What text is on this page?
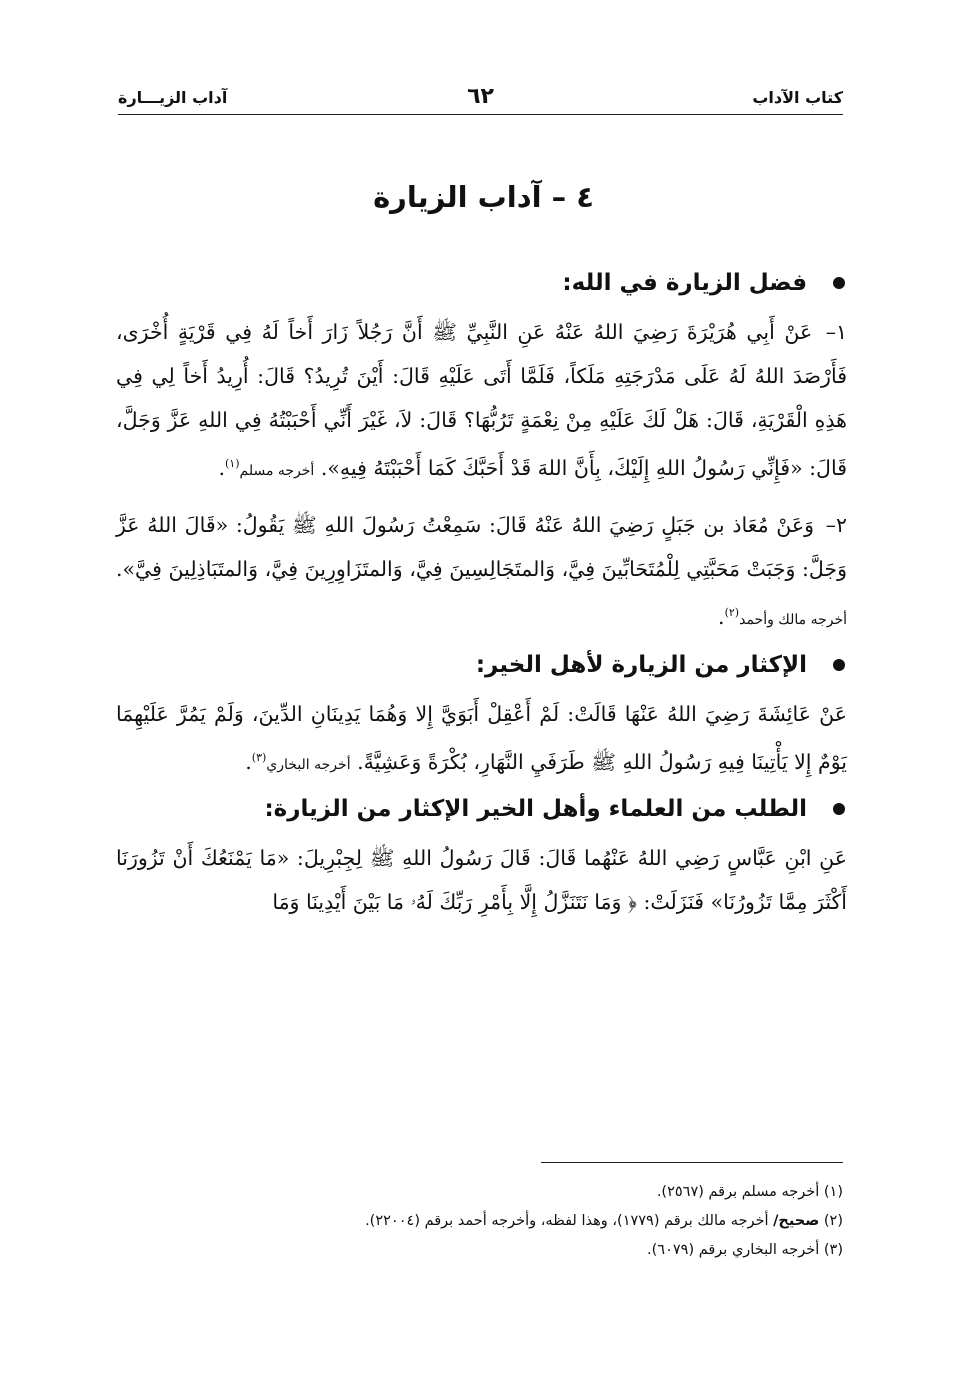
كتاب الآداب
٦٢
آداب الزيـــارة
٤ – آداب الزيارة
فضل الزيارة في الله:

١– عَنْ أَبِي هُرَيْرَةَ رَضِيَ اللهُ عَنْهُ عَنِ النَّبِيِّ ﷺ أَنَّ رَجُلاً زَارَ أَخاً لَهُ فِي قَرْيَةٍ أُخْرَى، فَأَرْصَدَ اللهُ لَهُ عَلَى مَدْرَجَتِهِ مَلَكاً، فَلَمَّا أَتَى عَلَيْهِ قَالَ: أَيْنَ تُرِيدُ؟ قَالَ: أُرِيدُ أَخاً لِي فِي هَذِهِ الْقَرْيَةِ، قَالَ: هَلْ لَكَ عَلَيْهِ مِنْ نِعْمَةٍ تَرُبُّهَا؟ قَالَ: لاَ، غَيْرَ أَنِّي أَحْبَبْتُهُ فِي اللهِ عَزَّ وَجَلَّ، قَالَ: «فَإِنِّي رَسُولُ اللهِ إِلَيْكَ، بِأَنَّ اللهَ قَدْ أَحَبَّكَ كَمَا أَحْبَبْتَهُ فِيهِ». أخرجه مسلم$^{(١)}$.

٢– وَعَنْ مُعَاذ بن جَبَلٍ رَضِيَ اللهُ عَنْهُ قَالَ: سَمِعْتُ رَسُولَ اللهِ ﷺ يَقُولُ: «قَالَ اللهُ عَزَّ وَجَلَّ: وَجَبَتْ مَحَبَّتِي لِلْمُتَحَابِّينَ فِيَّ، وَالمتَجَالِسِينَ فِيَّ، وَالمتَزَاوِرِينَ فِيَّ، وَالمتَبَاذِلِينَ فِيَّ». أخرجه مالك وأحمد$^{(٢)}$.

الإكثار من الزيارة لأهل الخير:

عَنْ عَائِشَةَ رَضِيَ اللهُ عَنْهَا قَالَتْ: لَمْ أَعْقِلْ أَبَوَيَّ إِلا وَهُمَا يَدِينَانِ الدِّينَ، وَلَمْ يَمُرَّ عَلَيْهِمَا يَوْمٌ إِلا يَأْتِينَا فِيهِ رَسُولُ اللهِ ﷺ طَرَفَيِ النَّهَارِ، بُكْرَةً وَعَشِيَّةً. أخرجه البخاري$^{(٣)}$.

الطلب من العلماء وأهل الخير الإكثار من الزيارة:

عَنِ ابْنِ عَبَّاسٍ رَضِي اللهُ عَنْهُما قَالَ: قَالَ رَسُولُ اللهِ ﷺ لِجِبْرِيلَ: «مَا يَمْنَعُكَ أَنْ تَزُورَنَا أَكْثَرَ مِمَّا تَزُورُنَا» فَنَزَلَتْ: ﴿ وَمَا نَتَنَزَّلُ إِلَّا بِأَمْرِ رَبِّكَ لَهُۥ مَا بَيْنَ أَيْدِينَا وَمَا

(١) أخرجه مسلم برقم (٢٥٦٧).
(٢) صحيح/ أخرجه مالك برقم (١٧٧٩)، وهذا لفظه، وأخرجه أحمد برقم (٢٢٠٠٤).
(٣) أخرجه البخاري برقم (٦٠٧٩).
